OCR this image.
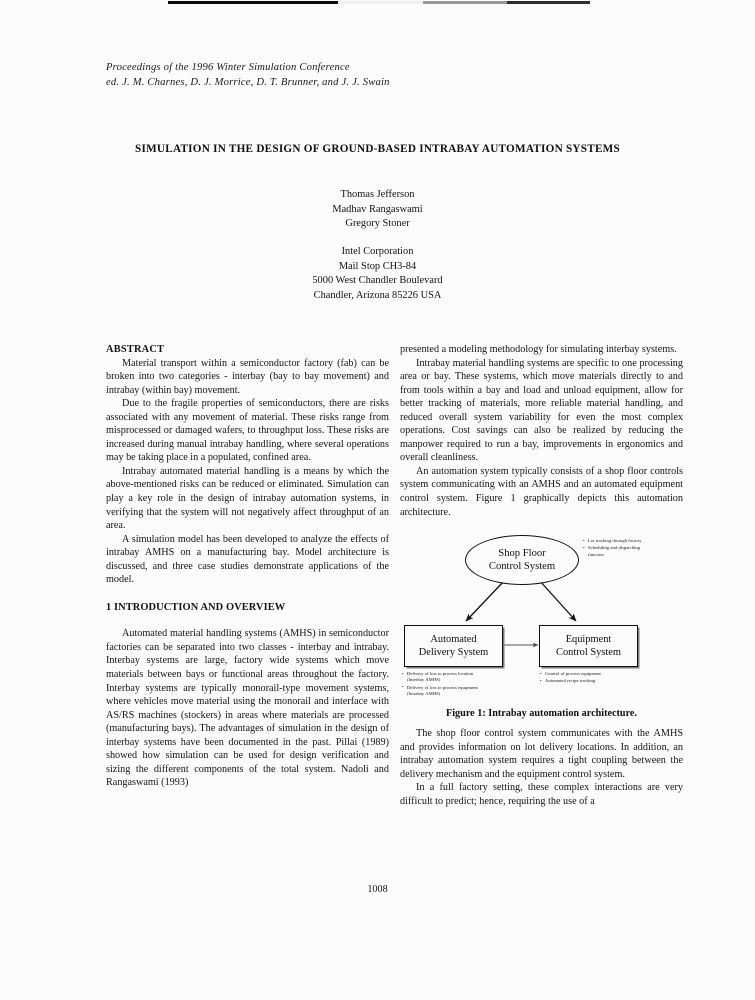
Proceedings of the 1996 Winter Simulation Conference
ed. J. M. Charnes, D. J. Morrice, D. T. Brunner, and J. J. Swain
SIMULATION IN THE DESIGN OF GROUND-BASED INTRABAY AUTOMATION SYSTEMS
Thomas Jefferson
Madhav Rangaswami
Gregory Stoner
Intel Corporation
Mail Stop CH3-84
5000 West Chandler Boulevard
Chandler, Arizona 85226 USA
ABSTRACT

Material transport within a semiconductor factory (fab) can be broken into two categories - interbay (bay to bay movement) and intrabay (within bay) movement.

Due to the fragile properties of semiconductors, there are risks associated with any movement of material. These risks range from misprocessed or damaged wafers, to throughput loss. These risks are increased during manual intrabay handling, where several operations may be taking place in a populated, confined area.

Intrabay automated material handling is a means by which the above-mentioned risks can be reduced or eliminated. Simulation can play a key role in the design of intrabay automation systems, in verifying that the system will not negatively affect throughput of an area.

A simulation model has been developed to analyze the effects of intrabay AMHS on a manufacturing bay. Model architecture is discussed, and three case studies demonstrate applications of the model.

1 INTRODUCTION AND OVERVIEW

Automated material handling systems (AMHS) in semiconductor factories can be separated into two classes - interbay and intrabay. Interbay systems are large, factory wide systems which move materials between bays or functional areas throughout the factory. Interbay systems are typically monorail-type movement systems, where vehicles move material using the monorail and interface with AS/RS machines (stockers) in areas where materials are processed (manufacturing bays). The advantages of simulation in the design of interbay systems have been documented in the past. Pillai (1989) showed how simulation can be used for design verification and sizing the different components of the total system. Nadoli and Rangaswami (1993)

presented a modeling methodology for simulating interbay systems.

Intrabay material handling systems are specific to one processing area or bay. These systems, which move materials directly to and from tools within a bay and load and unload equipment, allow for better tracking of materials, more reliable material handling, and reduced overall system variability for even the most complex operations. Cost savings can also be realized by reducing the manpower required to run a bay, improvements in ergonomics and overall cleanliness.

An automation system typically consists of a shop floor controls system communicating with an AMHS and an automated equipment control system. Figure 1 graphically depicts this automation architecture.

Shop Floor
Control System
Automated
Delivery System
Equipment
Control System
• Lot tracking through factory
• Scheduling and dispatching
function
• Delivery of lots to process location
(Interbay AMHS)
• Delivery of lots to process equipment
(Intrabay AMHS)
• Control of process equipment
• Automated recipe tracking
Figure 1: Intrabay automation architecture.

The shop floor control system communicates with the AMHS and provides information on lot delivery locations. In addition, an intrabay automation system requires a tight coupling between the delivery mechanism and the equipment control system.

In a full factory setting, these complex interactions are very difficult to predict; hence, requiring the use of a

1008
